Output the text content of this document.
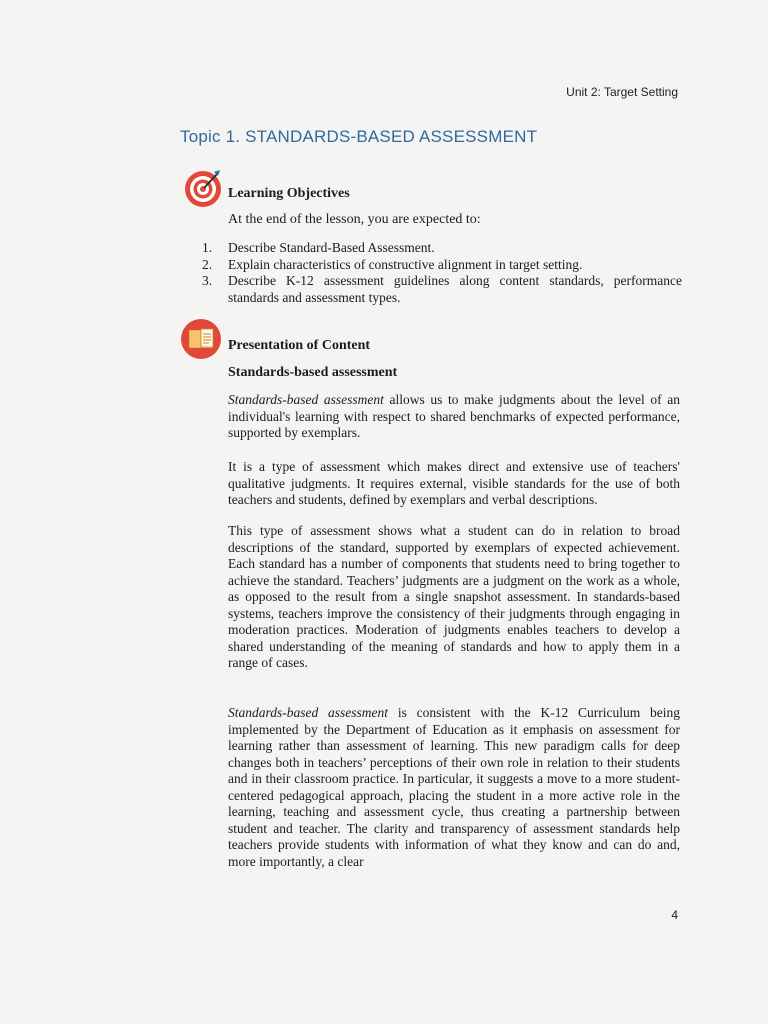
Unit 2: Target Setting
Topic 1. STANDARDS-BASED ASSESSMENT
Learning Objectives
At the end of the lesson, you are expected to:
1. Describe Standard-Based Assessment.
2. Explain characteristics of constructive alignment in target setting.
3. Describe K-12 assessment guidelines along content standards, performance standards and assessment types.
Presentation of Content
Standards-based assessment

Standards-based assessment allows us to make judgments about the level of an individual's learning with respect to shared benchmarks of expected performance, supported by exemplars.

It is a type of assessment which makes direct and extensive use of teachers' qualitative judgments. It requires external, visible standards for the use of both teachers and students, defined by exemplars and verbal descriptions.

This type of assessment shows what a student can do in relation to broad descriptions of the standard, supported by exemplars of expected achievement. Each standard has a number of components that students need to bring together to achieve the standard. Teachers’ judgments are a judgment on the work as a whole, as opposed to the result from a single snapshot assessment. In standards-based systems, teachers improve the consistency of their judgments through engaging in moderation practices. Moderation of judgments enables teachers to develop a shared understanding of the meaning of standards and how to apply them in a range of cases.

Standards-based assessment is consistent with the K-12 Curriculum being implemented by the Department of Education as it emphasis on assessment for learning rather than assessment of learning. This new paradigm calls for deep changes both in teachers’ perceptions of their own role in relation to their students and in their classroom practice. In particular, it suggests a move to a more student-centered pedagogical approach, placing the student in a more active role in the learning, teaching and assessment cycle, thus creating a partnership between student and teacher. The clarity and transparency of assessment standards help teachers provide students with information of what they know and can do and, more importantly, a clear

4
